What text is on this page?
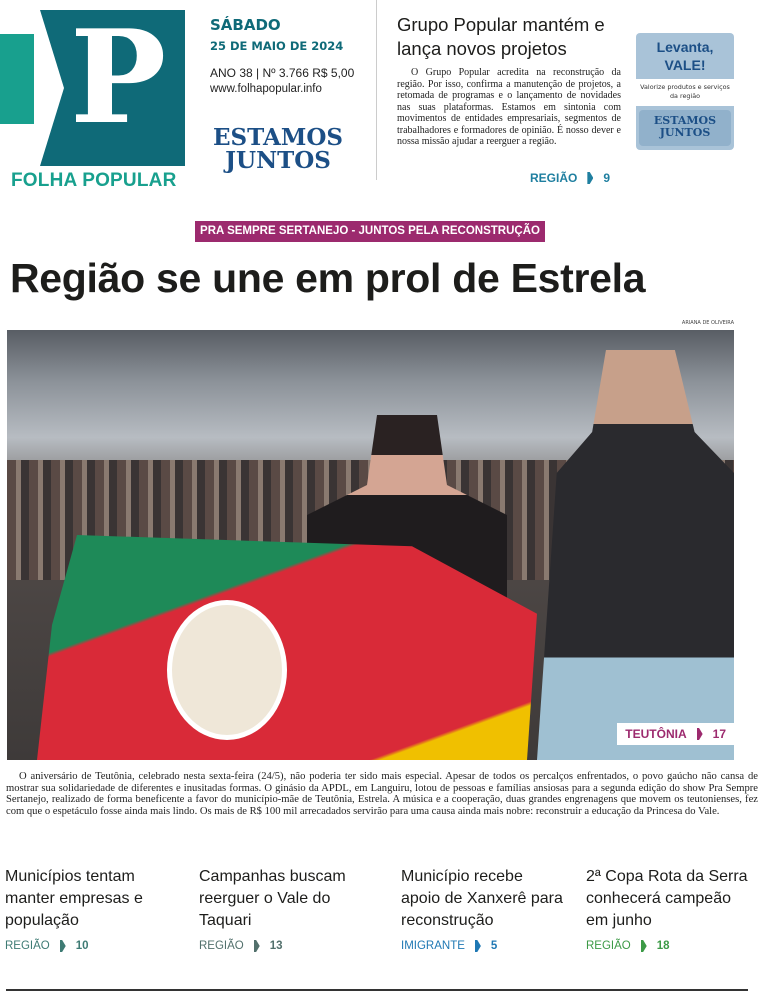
P
FOLHA POPULAR
SÁBADO
25 DE MAIO DE 2024
ANO 38 | Nº 3.766 R$ 5,00
www.folhapopular.info
ESTAMOS
JUNTOS
Grupo Popular mantém e lança novos projetos
O Grupo Popular acredita na reconstrução da região. Por isso, confirma a manutenção de projetos, a retomada de programas e o lançamento de novidades nas suas plataformas. Estamos em sintonia com movimentos de entidades empresariais, segmentos de trabalhadores e formadores de opinião. É nosso dever e nossa missão ajudar a reerguer a região.
REGIÃO 9
Levanta,
VALE!
Valorize produtos e serviços da região
ESTAMOS
JUNTOS
PRA SEMPRE SERTANEJO - JUNTOS PELA RECONSTRUÇÃO
Região se une em prol de Estrela
ARIANA DE OLIVEIRA
TEUTÔNIA 17
O aniversário de Teutônia, celebrado nesta sexta-feira (24/5), não poderia ter sido mais especial. Apesar de todos os percalços enfrentados, o povo gaúcho não cansa de mostrar sua solidariedade de diferentes e inusitadas formas. O ginásio da APDL, em Languiru, lotou de pessoas e famílias ansiosas para a segunda edição do show Pra Sempre Sertanejo, realizado de forma beneficente a favor do município-mãe de Teutônia, Estrela. A música e a cooperação, duas grandes engrenagens que movem os teutonienses, fez com que o espetáculo fosse ainda mais lindo. Os mais de R$ 100 mil arrecadados servirão para uma causa ainda mais nobre: reconstruir a educação da Princesa do Vale.
Municípios tentam manter empresas e população
REGIÃO 10
Campanhas buscam reerguer o Vale do Taquari
REGIÃO 13
Município recebe apoio de Xanxerê para reconstrução
IMIGRANTE 5
2ª Copa Rota da Serra conhecerá campeão em junho
REGIÃO 18
